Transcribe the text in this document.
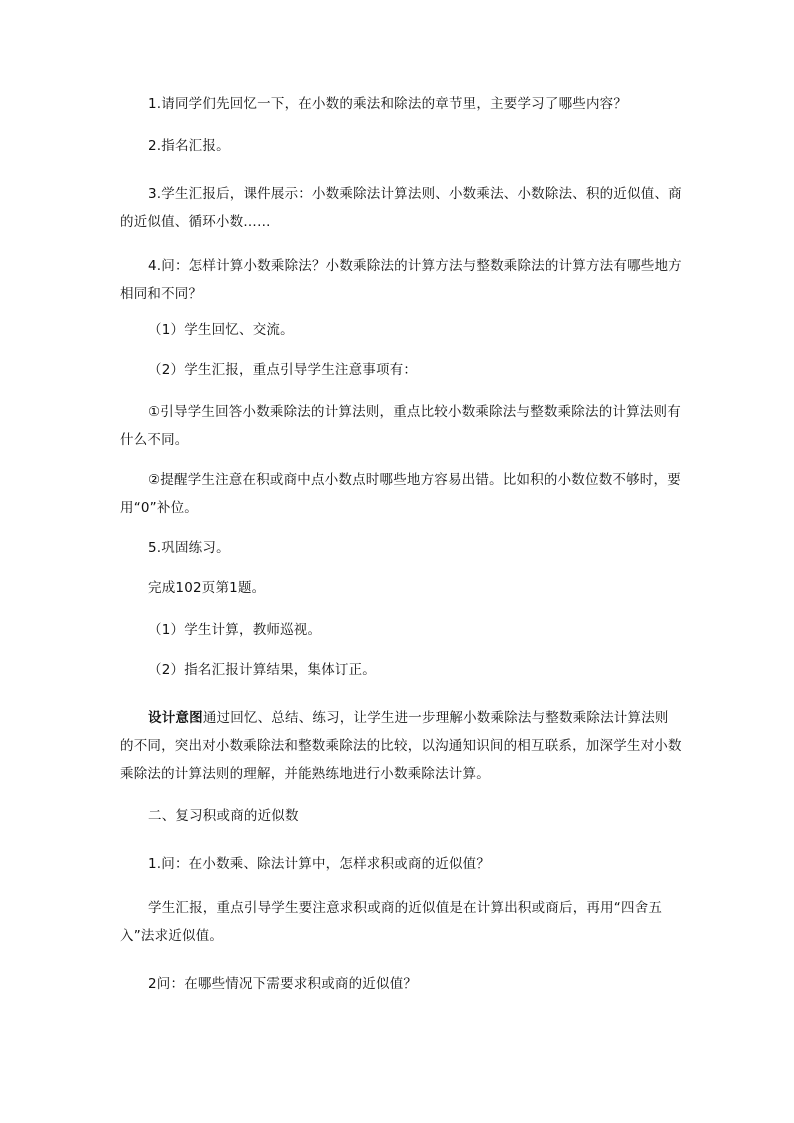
1.请同学们先回忆一下，在小数的乘法和除法的章节里，主要学习了哪些内容？
2.指名汇报。
3.学生汇报后，课件展示：小数乘除法计算法则、小数乘法、小数除法、积的近似值、商的近似值、循环小数……
4.问：怎样计算小数乘除法？小数乘除法的计算方法与整数乘除法的计算方法有哪些地方相同和不同？
（1）学生回忆、交流。
（2）学生汇报，重点引导学生注意事项有：
①引导学生回答小数乘除法的计算法则，重点比较小数乘除法与整数乘除法的计算法则有什么不同。
②提醒学生注意在积或商中点小数点时哪些地方容易出错。比如积的小数位数不够时，要用“0”补位。
5.巩固练习。
完成102页第1题。
（1）学生计算，教师巡视。
（2）指名汇报计算结果，集体订正。
设计意图通过回忆、总结、练习，让学生进一步理解小数乘除法与整数乘除法计算法则的不同，突出对小数乘除法和整数乘除法的比较，以沟通知识间的相互联系，加深学生对小数乘除法的计算法则的理解，并能熟练地进行小数乘除法计算。
二、复习积或商的近似数
1.问：在小数乘、除法计算中，怎样求积或商的近似值？
学生汇报，重点引导学生要注意求积或商的近似值是在计算出积或商后，再用“四舍五入”法求近似值。
2问：在哪些情况下需要求积或商的近似值？
